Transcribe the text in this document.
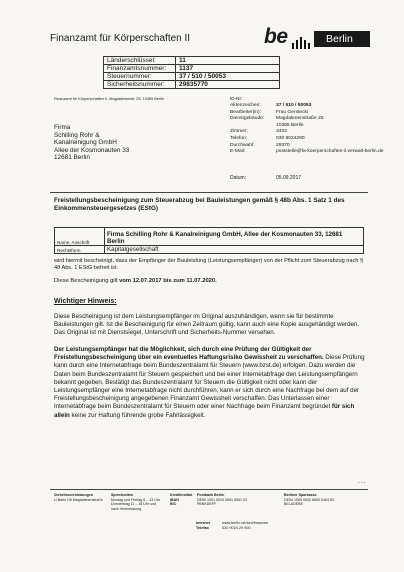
Finanzamt für Körperschaften II	be	Berlin
Länderschlüssel:	11
Finanzamtsnummer:	1137
Steuernummer:	37 / 510 / 50053
Sicherheitsnummer:	29835770
Finanzamt für Körperschaften II, Magdalenenstr. 25, 10365 Berlin
Firma
Schilling Rohr &
Kanalreinigung GmbH
Allee der Kosmonauten 33
12681 Berlin
ID-Nr:
Aktenzeichen:	37 / 510 / 50053
Bearbeiter(in):	Frau Gerstecki
Dienstgebäude:	Magdalenenstraße 25
10365 Berlin
Zimmer:	3402
Telefon:	030 9024290
Durchwahl:	29370
E-Mail:	poststelle@fa-koerperschaften-ii.verwalt-berlin.de
Datum:	05.09.2017
Freistellungsbescheinigung zum Steuerabzug bei Bauleistungen gemäß § 48b Abs. 1 Satz 1 des Einkommensteuergesetzes (EStG)
Name, Anschrift	Firma Schilling Rohr & Kanalreinigung GmbH, Allee der Kosmonauten 33, 12681 Berlin
Rechtsform	Kapitalgesellschaft
wird hiermit bescheinigt, dass der Empfänger der Bauleistung (Leistungsempfänger) von der Pflicht zum Steuerabzug nach § 48 Abs. 1 EStG befreit ist.
Diese Bescheinigung gilt vom 12.07.2017 bis zum 11.07.2020.
Wichtiger Hinweis:
Diese Bescheinigung ist dem Leistungsempfänger im Original auszuhändigen, wenn sie für bestimmte Bauleistungen gilt. Ist die Bescheinigung für einen Zeitraum gültig, kann auch eine Kopie ausgehändigt werden. Das Original ist mit Dienstsiegel, Unterschrift und Sicherheits-Nummer versehen.
Der Leistungsempfänger hat die Möglichkeit, sich durch eine Prüfung der Gültigkeit der Freistellungsbescheinigung über ein eventuelles Haftungsrisiko Gewissheit zu verschaffen. Diese Prüfung kann durch eine Internetabfrage beim Bundeszentralamt für Steuern (www.bzst.de) erfolgen. Dazu werden die Daten beim Bundeszentralamt für Steuern gespeichert und bei einer Internetabfrage den Leistungsempfängern bekannt gegeben. Bestätigt das Bundeszentralamt für Steuern die Gültigkeit nicht oder kann der Leistungsempfänger eine Internetabfrage nicht durchführen, kann er sich durch eine Nachfrage bei dem auf der Freistellungsbescheinigung angegebenen Finanzamt Gewissheit verschaffen. Das Unterlassen einer Internetabfrage beim Bundeszentralamt für Steuern oder einer Nachfrage beim Finanzamt begründet für sich allein keine zur Haftung führende grobe Fahrlässigkeit.
...
Verkehrsverbindungen
U-Bahn U5 Magdalenenstraße
Sprechzeiten
Montag und Freitag 8 – 13 Uhr
Donnerstag 11 – 18 Uhr und
nach Vereinbarung
Kreditinstitut
IBAN
BIC
Postbank Berlin
DE59 1001 0010 0691 5551 03
PBNKDEFF
Berliner Sparkasse
DE54 1005 0000 6600 0464 63
BELADEBE
Internet	www.berlin.de/sen/finanzen
Telefax	030 9024 29 900
